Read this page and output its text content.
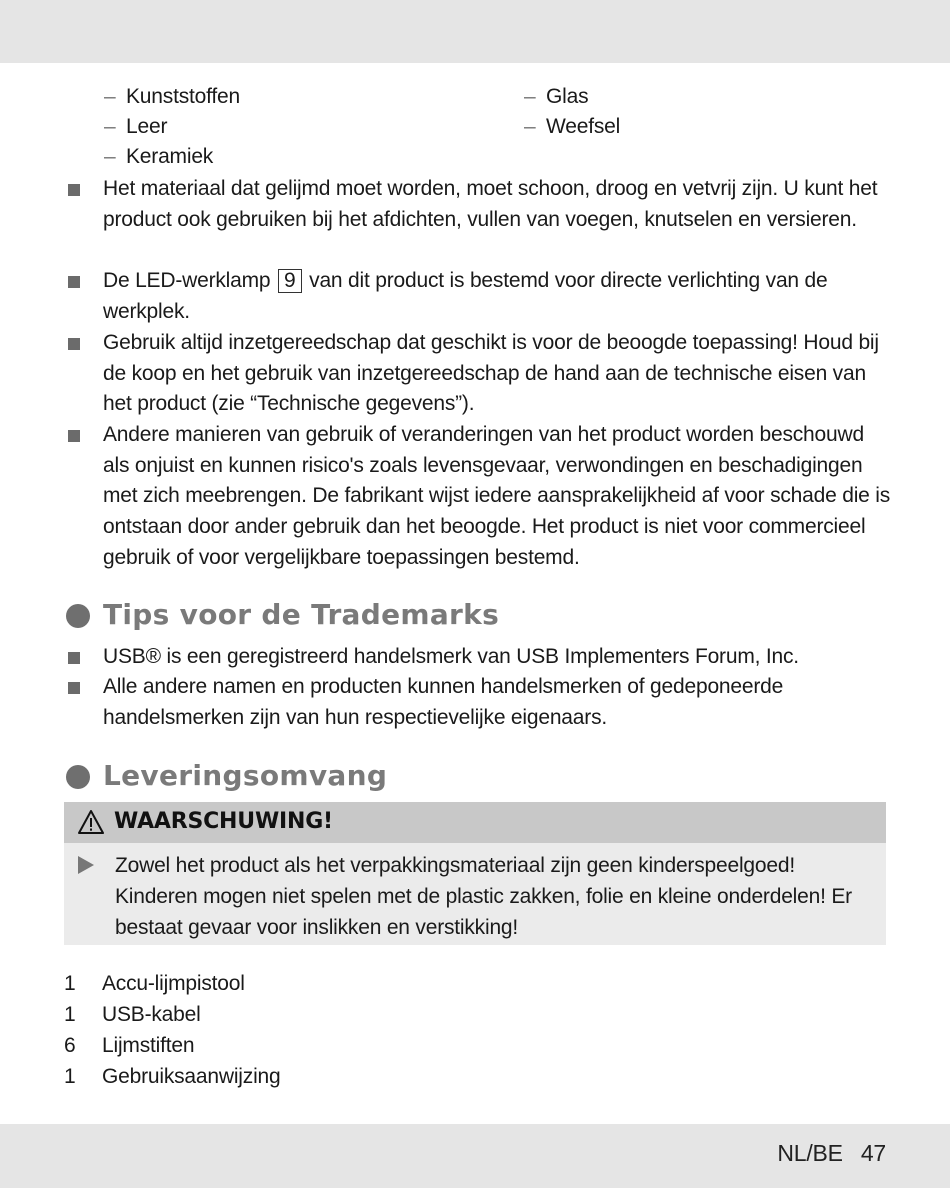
– Kunststoffen
– Leer
– Keramiek
– Glas
– Weefsel
Het materiaal dat gelijmd moet worden, moet schoon, droog en vetvrij zijn. U kunt het product ook gebruiken bij het afdichten, vullen van voegen, knutselen en versieren.
De LED-werklamp 9 van dit product is bestemd voor directe verlichting van de werkplek.
Gebruik altijd inzetgereedschap dat geschikt is voor de beoogde toepassing! Houd bij de koop en het gebruik van inzetgereedschap de hand aan de technische eisen van het product (zie “Technische gegevens”).
Andere manieren van gebruik of veranderingen van het product worden beschouwd als onjuist en kunnen risico's zoals levensgevaar, verwondingen en beschadigingen met zich meebrengen. De fabrikant wijst iedere aansprakelijkheid af voor schade die is ontstaan door ander gebruik dan het beoogde. Het product is niet voor commercieel gebruik of voor vergelijkbare toepassingen bestemd.
Tips voor de Trademarks
USB® is een geregistreerd handelsmerk van USB Implementers Forum, Inc.
Alle andere namen en producten kunnen handelsmerken of gedeponeerde handelsmerken zijn van hun respectievelijke eigenaars.
Leveringsomvang
WAARSCHUWING!
Zowel het product als het verpakkingsmateriaal zijn geen kinderspeelgoed! Kinderen mogen niet spelen met de plastic zakken, folie en kleine onderdelen! Er bestaat gevaar voor inslikken en verstikking!
1 Accu-lijmpistool
1 USB-kabel
6 Lijmstiften
1 Gebruiksaanwijzing
NL/BE 47
